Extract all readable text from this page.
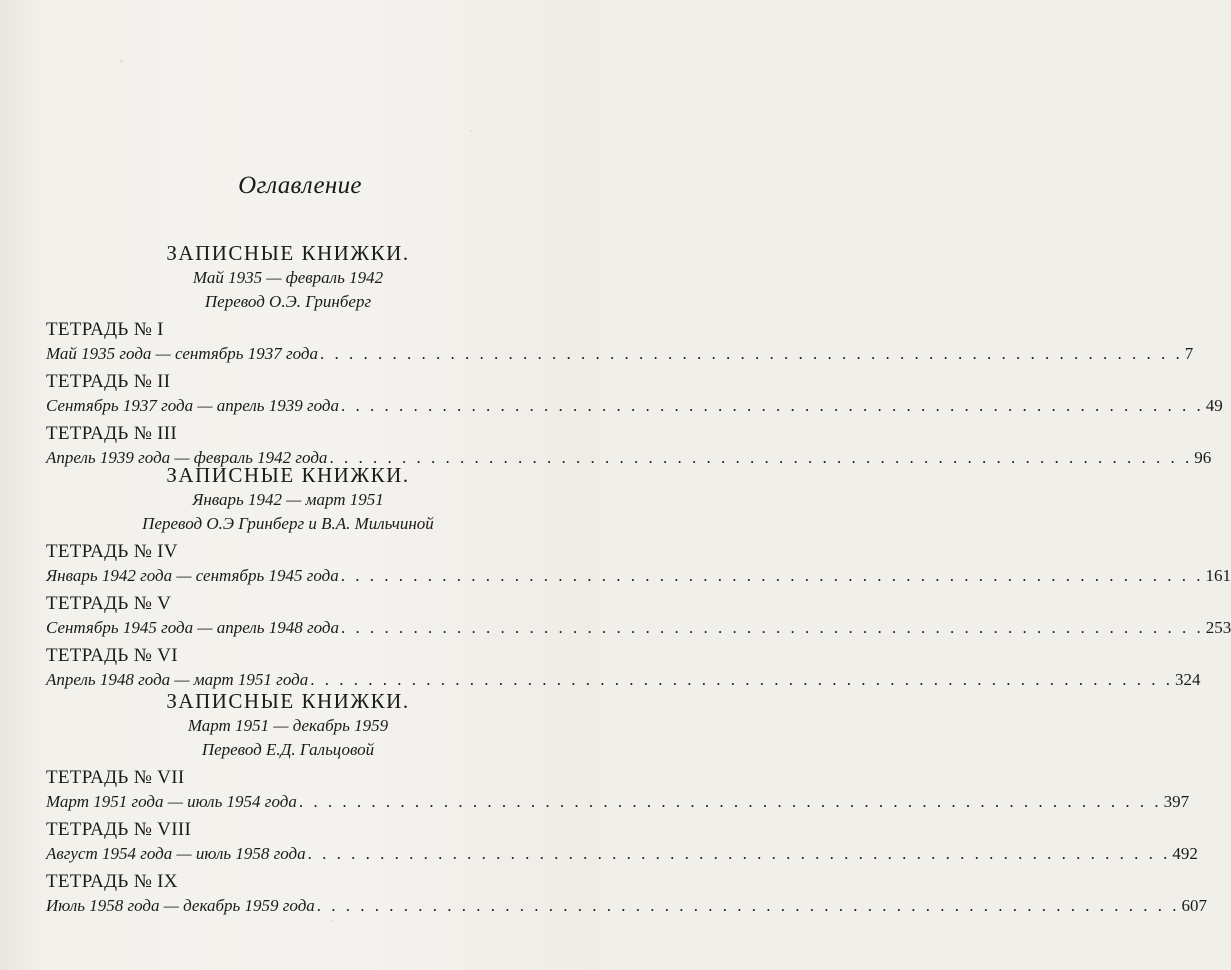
Оглавление
ЗАПИСНЫЕ КНИЖКИ.
Май 1935 — февраль 1942
Перевод О.Э. Гринберг
ТЕТРАДЬ № I
Май 1935 года — сентябрь 1937 года . . . . . . . . . . . . . . . . . . . . . . . . . . . . . . . . . . . . . . . . . . . . . . . . . . . . . . . . . . . . 7
ТЕТРАДЬ № II
Сентябрь 1937 года — апрель 1939 года . . . . . . . . . . . . . . . . . . . . . . . . . . . . . . . . . . . . . . . . . . . . . . . . . . . . . . . . . . . . 49
ТЕТРАДЬ № III
Апрель 1939 года — февраль 1942 года . . . . . . . . . . . . . . . . . . . . . . . . . . . . . . . . . . . . . . . . . . . . . . . . . . . . . . . . . . . . 96
ЗАПИСНЫЕ КНИЖКИ.
Январь 1942 — март 1951
Перевод О.Э Гринберг и В.А. Мильчиной
ТЕТРАДЬ № IV
Январь 1942 года — сентябрь 1945 года . . . . . . . . . . . . . . . . . . . . . . . . . . . . . . . . . . . . . . . . . . . . . . . . . . . . . . . . . . . . 161
ТЕТРАДЬ № V
Сентябрь 1945 года — апрель 1948 года . . . . . . . . . . . . . . . . . . . . . . . . . . . . . . . . . . . . . . . . . . . . . . . . . . . . . . . . . . . . 253
ТЕТРАДЬ № VI
Апрель 1948 года — март 1951 года . . . . . . . . . . . . . . . . . . . . . . . . . . . . . . . . . . . . . . . . . . . . . . . . . . . . . . . . . . . . 324
ЗАПИСНЫЕ КНИЖКИ.
Март 1951 — декабрь 1959
Перевод Е.Д. Гальцовой
ТЕТРАДЬ № VII
Март 1951 года — июль 1954 года . . . . . . . . . . . . . . . . . . . . . . . . . . . . . . . . . . . . . . . . . . . . . . . . . . . . . . . . . . . . 397
ТЕТРАДЬ № VIII
Август 1954 года — июль 1958 года . . . . . . . . . . . . . . . . . . . . . . . . . . . . . . . . . . . . . . . . . . . . . . . . . . . . . . . . . . . . 492
ТЕТРАДЬ № IX
Июль 1958 года — декабрь 1959 года . . . . . . . . . . . . . . . . . . . . . . . . . . . . . . . . . . . . . . . . . . . . . . . . . . . . . . . . . . . . 607
